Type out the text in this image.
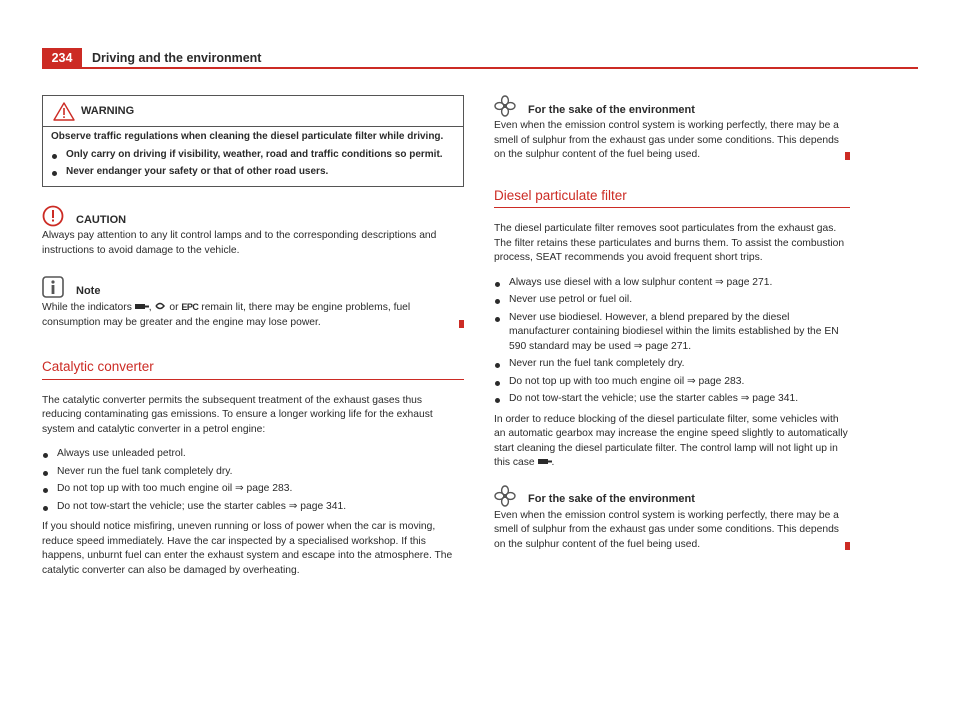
234	Driving and the environment
WARNING

Observe traffic regulations when cleaning the diesel particulate filter while driving.

Only carry on driving if visibility, weather, road and traffic conditions so permit.
Never endanger your safety or that of other road users.
CAUTION

Always pay attention to any lit control lamps and to the corresponding descriptions and instructions to avoid damage to the vehicle.

Note

While the indicators , or EPC remain lit, there may be engine problems, fuel consumption may be greater and the engine may lose power.

Catalytic converter

The catalytic converter permits the subsequent treatment of the exhaust gases thus reducing contaminating gas emissions. To ensure a longer working life for the exhaust system and catalytic converter in a petrol engine:

Always use unleaded petrol.
Never run the fuel tank completely dry.
Do not top up with too much engine oil ⇒ page 283.
Do not tow-start the vehicle; use the starter cables ⇒ page 341.

If you should notice misfiring, uneven running or loss of power when the car is moving, reduce speed immediately. Have the car inspected by a specialised workshop. If this happens, unburnt fuel can enter the exhaust system and escape into the atmosphere. The catalytic converter can also be damaged by overheating.

For the sake of the environment

Even when the emission control system is working perfectly, there may be a smell of sulphur from the exhaust gas under some conditions. This depends on the sulphur content of the fuel being used.

Diesel particulate filter

The diesel particulate filter removes soot particulates from the exhaust gas. The filter retains these particulates and burns them. To assist the combustion process, SEAT recommends you avoid frequent short trips.

Always use diesel with a low sulphur content ⇒ page 271.
Never use petrol or fuel oil.
Never use biodiesel. However, a blend prepared by the diesel manufacturer containing biodiesel within the limits established by the EN 590 standard may be used ⇒ page 271.
Never run the fuel tank completely dry.
Do not top up with too much engine oil ⇒ page 283.
Do not tow-start the vehicle; use the starter cables ⇒ page 341.

In order to reduce blocking of the diesel particulate filter, some vehicles with an automatic gearbox may increase the engine speed slightly to automatically start cleaning the diesel particulate filter. The control lamp will not light up in this case .

For the sake of the environment

Even when the emission control system is working perfectly, there may be a smell of sulphur from the exhaust gas under some conditions. This depends on the sulphur content of the fuel being used.
